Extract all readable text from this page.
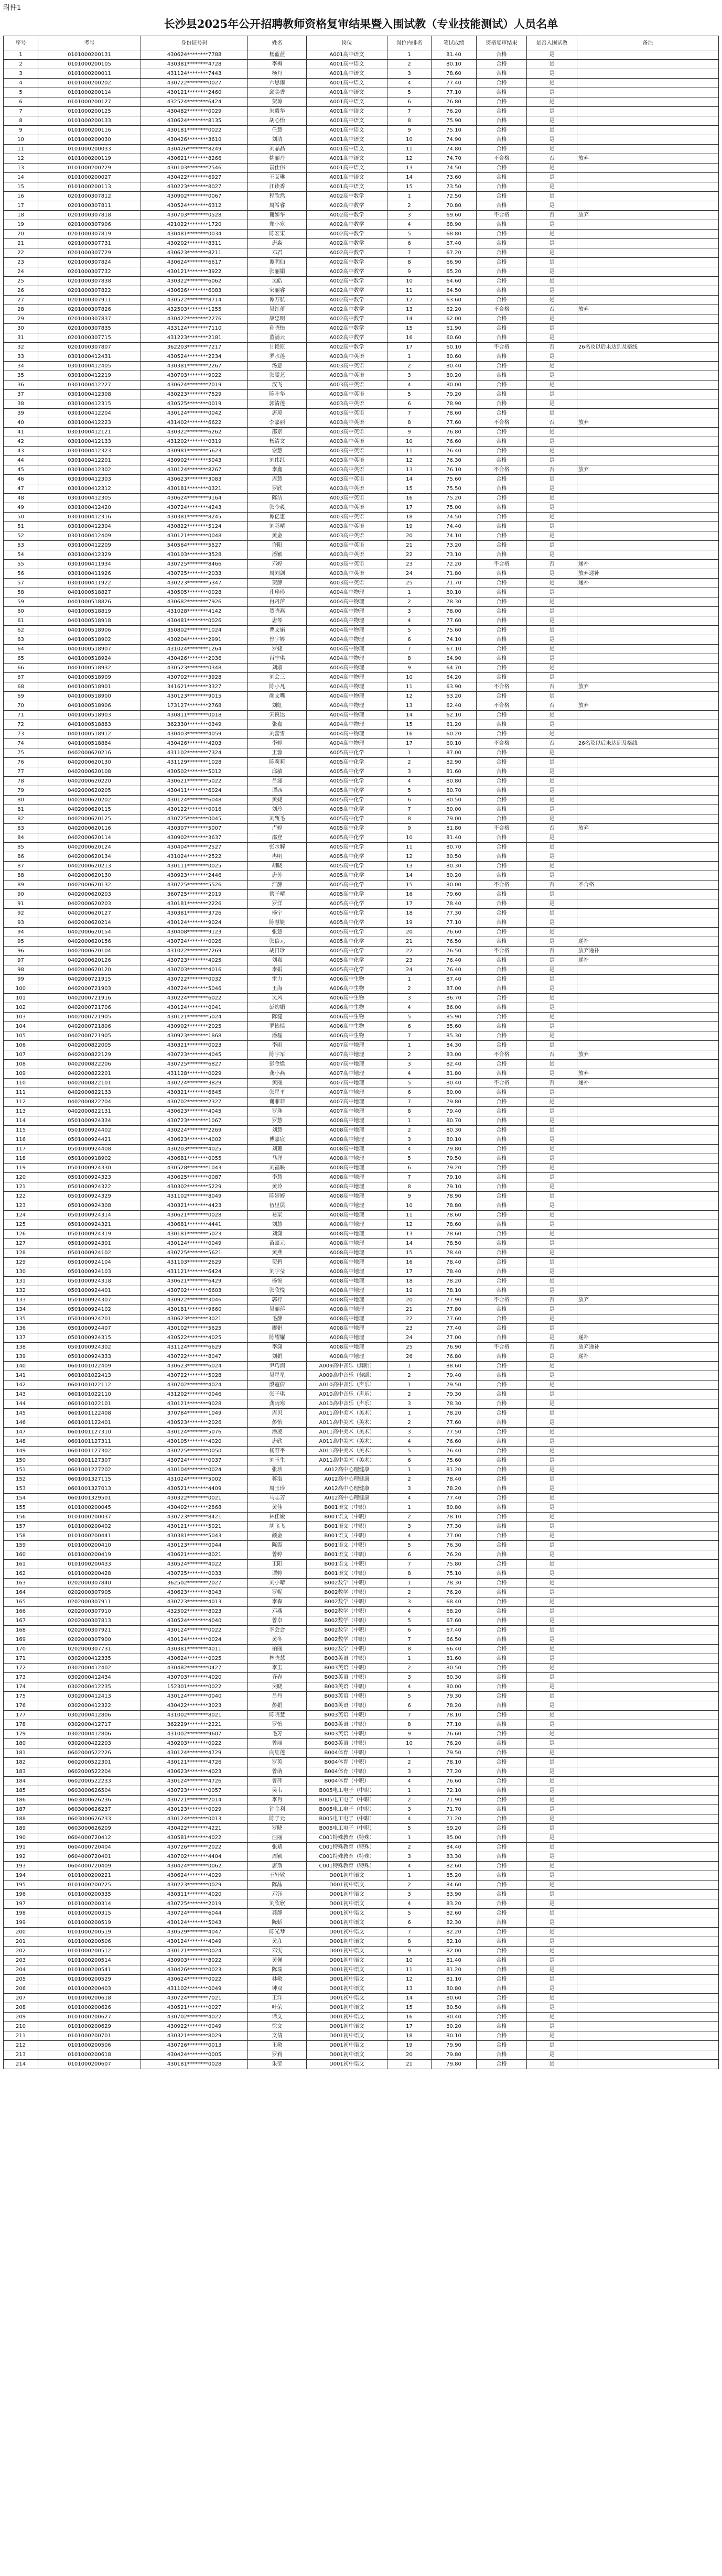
附件1
长沙县2025年公开招聘教师资格复审结果暨入围试教（专业技能测试）人员名单
序号	考号	身份证号码	姓名	岗位	岗位内排名	笔试成绩	资格复审结果	是否入围试教	备注
1	0101000200131	430624********7788	杨蓝蓝	A001高中语文	1	81.40	合格	是	
2	0101000200105	430381********4728	李梅	A001高中语文	2	80.10	合格	是	
3	0101000200011	431124********7443	杨丹	A001高中语文	3	78.60	合格	是	
4	0101000200202	430722********0027	六思雨	A001高中语文	4	77.40	合格	是	
5	0101000200114	430121********2460	邱美香	A001高中语文	5	77.10	合格	是	
6	0101000200127	432524********6424	贺琼	A001高中语文	6	76.80	合格	是	
7	0101000200125	430482********0029	朱毅华	A001高中语文	7	76.20	合格	是	
8	0101000200133	430624********8135	胡心怡	A001高中语文	8	75.90	合格	是	
9	0101000200116	430181********0022	任慧	A001高中语文	9	75.10	合格	是	
10	0101000200030	430426********3610	刘洁	A001高中语文	10	74.90	合格	是	
11	0101000200033	430426********8249	刘晶晶	A001高中语文	11	74.80	合格	是	
12	0101000200119	430621********8266	姚丽丹	A001高中语文	12	74.70	不合格	否	放弃
13	0101000200229	430103********2546	袁仕伟	A001高中语文	13	74.50	合格	是	
14	0101000200027	430422********6927	王艾琳	A001高中语文	14	73.60	合格	是	
15	0101000200113	430223********8027	江读香	A001高中语文	15	73.50	合格	是	
16	0201000307812	430902********0067	程欣然	A002高中数学	1	72.50	合格	是	
17	0201000307811	430524********6312	周希睿	A002高中数学	2	70.80	合格	是	
18	0201000307818	430703********0528	谢如华	A002高中数学	3	69.60	不合格	否	放弃
19	0201000307906	421022********1720	郑小寒	A002高中数学	4	68.90	合格	是	
20	0201000307819	430481********0034	陈宏宋	A002高中数学	5	68.80	合格	是	
21	0201000307731	430202********8311	唐淼	A002高中数学	6	67.40	合格	是	
22	0201000307729	430623********8211	邓君	A002高中数学	7	67.20	合格	是	
23	0201000307824	430624********6617	谭明仙	A002高中数学	8	66.90	合格	是	
24	0201000307732	430121********3922	张丽娟	A002高中数学	9	65.20	合格	是	
25	0201000307838	430322********6062	吴皓	A002高中数学	10	64.60	合格	是	
26	0201000307822	430626********6083	宋丽睿	A002高中数学	11	64.50	合格	是	
27	0201000307911	430522********8714	谭万航	A002高中数学	12	63.60	合格	是	
28	0201000307826	432503********1255	吴红蕾	A002高中数学	13	62.20	不合格	否	放弃
29	0201000307837	430422********2276	康忠明	A002高中数学	14	62.00	合格	是	
30	0201000307835	433124********7110	孙晓怡	A002高中数学	15	61.90	合格	是	
31	0201000307715	431223********2181	董满云	A002高中数学	16	60.60	合格	是	
32	0201000307807	362203********7217	甘艳原	A002高中数学	17	60.10	不合格	否	26名及以后未达到及格线
33	0301000412431	430524********2234	罗水莲	A003高中英语	1	80.60	合格	是	
34	0301000412405	430381********2267	汤意	A003高中英语	2	80.40	合格	是	
35	0301000412219	430703********9022	张雯艺	A003高中英语	3	80.20	合格	是	
36	0301000412227	430624********2019	汉飞	A003高中英语	4	80.00	合格	是	
37	0301000412308	430223********7529	陈叶华	A003高中英语	5	79.20	合格	是	
38	0301000412315	430525********0019	郭清莲	A003高中英语	6	78.90	合格	是	
39	0301000412204	430124********0042	唐琼	A003高中英语	7	78.60	合格	是	
40	0301000412223	431402********6622	李嘉丽	A003高中英语	8	77.60	不合格	否	放弃
41	0301000412121	430322********6262	邵京	A003高中英语	9	76.80	合格	是	
42	0301000412133	431202********0319	杨清文	A003高中英语	10	76.60	合格	是	
43	0301000412323	430981********5623	谢慧	A003高中英语	11	76.40	合格	是	
44	0301000412201	430902********5043	刘伟红	A003高中英语	12	76.30	合格	是	
45	0301000412302	430124********8267	李鑫	A003高中英语	13	76.10	不合格	否	放弃
46	0301000412303	430623********3083	周慧	A003高中英语	14	75.60	合格	是	
47	0301000412312	430181********0321	罗欣	A003高中英语	15	75.50	合格	是	
48	0301000412305	430624********9164	陈洁	A003高中英语	16	75.20	合格	是	
49	0301000412420	430724********4243	张今羲	A003高中英语	17	75.00	合格	是	
50	0301000412316	430381********8245	谭亿惠	A003高中英语	18	74.50	合格	是	
51	0301000412304	430822********5124	刘彩晴	A003高中英语	19	74.40	合格	是	
52	0301000412409	430121********0048	黄金	A003高中英语	20	74.10	合格	是	
53	0301000412209	540564********5527	许阳	A003高中英语	21	73.20	合格	是	
54	0301000412329	430103********3528	潘颖	A003高中英语	22	73.10	合格	是	
55	0301000411934	430725********8466	邓婷	A003高中英语	23	72.20	不合格	否	递补
56	0301000411926	430725********2033	周刘剑	A003高中英语	24	71.80	合格	是	放弃递补
57	0301000411922	430223********5347	贺静	A003高中英语	25	71.70	合格	是	递补
58	0401000518827	430505********0028	孔珍珍	A004高中物理	1	80.10	合格	是	
59	0401000518826	430682********7926	肖丹萍	A004高中物理	2	78.30	合格	是	
60	0401000518819	431028********4142	贺晓燕	A004高中物理	3	78.00	合格	是	
61	0401000518918	430481********0026	唐琴	A004高中物理	4	77.60	合格	是	
62	0401000518906	350802********1024	曹文娟	A004高中物理	5	75.60	合格	是	
63	0401000518902	430204********2991	曾宇婷	A004高中物理	6	74.10	合格	是	
64	0401000518907	431024********1264	罗婕	A004高中物理	7	67.10	合格	是	
65	0401000518924	430426********2036	肖宁琪	A004高中物理	8	64.90	合格	是	
66	0401000518932	430523********0348	刘淑	A004高中物理	9	64.70	合格	是	
67	0401000518909	430702********3928	刘会三	A004高中物理	10	64.20	合格	是	
68	0401000518901	341621********3327	陈小凡	A004高中物理	11	63.90	不合格	否	放弃
69	0401000518900	430123********9015	颜文嘴	A004高中物理	12	63.20	合格	是	
70	0401000518906	173127********2768	刘虹	A004高中物理	13	62.40	不合格	否	放弃
71	0401000518903	430811********0018	宋锐达	A004高中物理	14	62.10	合格	是	
72	0401000518883	362330********0349	张嘉	A004高中物理	15	61.20	合格	是	
73	0401000518912	430403********4059	刘蕾雪	A004高中物理	16	60.20	合格	是	
74	0401000518884	430426********4203	李婷	A004高中物理	17	60.10	不合格	否	26名及以后未达到及格线
75	0402000620216	431102********7324	王蓉	A005高中化学	1	87.00	合格	是	
76	0402000620130	431129********1028	陈莉莉	A005高中化学	2	82.90	合格	是	
77	0402000620108	430502********5012	邱敏	A005高中化学	3	81.60	合格	是	
78	0402000620220	430621********5022	吕燧	A005高中化学	4	80.80	合格	是	
79	0402000620205	430411********6024	谭西	A005高中化学	5	80.70	合格	是	
80	0402000620202	430124********6048	黄婕	A005高中化学	6	80.50	合格	是	
81	0402000620115	430122********0016	刘玲	A005高中化学	7	80.00	合格	是	
82	0402000620125	430725********0045	刘甄毛	A005高中化学	8	79.00	合格	是	
83	0402000620116	430307********5007	卢婷	A005高中化学	9	81.80	不合格	否	放弃
84	0402000620114	430902********3637	邵登	A005高中化学	10	81.40	合格	是	
85	0402000620124	430404********2527	张水解	A005高中化学	11	80.70	合格	是	
86	0402000620134	431024********2522	冉明	A005高中化学	12	80.50	合格	是	
87	0402000620213	430111********0025	胡晓	A005高中化学	13	80.30	合格	是	
88	0402000620130	430923********2446	唐芳	A005高中化学	14	80.20	合格	是	
89	0402000620132	430725********5526	江静	A005高中化学	15	80.00	不合格	否	不合格
90	0402000620203	360725********2019	蔡子晴	A005高中化学	16	79.60	合格	是	
91	0402000620203	430181********2226	罗洋	A005高中化学	17	78.40	合格	是	
92	0402000620127	430381********3726	杨宁	A005高中化学	18	77.30	合格	是	
93	0402000620214	430124********9024	陈慧婕	A005高中化学	19	77.10	合格	是	
94	0402000620154	430408********9123	张悠	A005高中化学	20	76.60	合格	是	
95	0402000620156	430724********0026	张信元	A005高中化学	21	76.50	合格	是	递补
96	0402000620104	431022********7269	胡日珍	A005高中化学	22	76.50	不合格	否	放弃递补
97	0402000620126	430723********4025	刘嘉	A005高中化学	23	76.40	合格	是	递补
98	0402000620120	430703********4016	李娟	A005高中化学	24	76.40	合格	是	
99	0402000721915	430722********0032	雷力	A006高中生物	1	87.40	合格	是	
100	0402000721903	430724********5046	王海	A006高中生物	2	87.00	合格	是	
101	0402000721916	430224********6022	吴风	A006高中生物	3	86.70	合格	是	
102	0402000721706	430124********0041	彭灼娟	A006高中生物	4	86.00	合格	是	
103	0402000721905	430121********5024	陈健	A006高中生物	5	85.90	合格	是	
104	0402000721806	430902********2025	罗怡恬	A006高中生物	6	85.60	合格	是	
105	0402000721905	430923********1868	潘磊	A006高中生物	7	85.30	合格	是	
106	0402000822005	430321********0023	李雨	A007高中地理	1	84.30	合格	是	
107	0402000822129	430723********4045	陈宇军	A007高中地理	2	83.00	不合格	否	放弃
108	0402000822206	430725********6827	彭金焕	A007高中地理	3	82.40	合格	是	
109	0402000822201	431128********0029	龚小燕	A007高中地理	4	81.80	合格	是	放弃
110	0402000822101	430224********3829	黄丽	A007高中地理	5	80.40	不合格	否	递补
111	0402000822133	430321********6645	张星平	A007高中地理	6	80.00	合格	是	
112	0402000822204	430702********2327	谢菲菲	A007高中地理	7	79.80	合格	是	
113	0402000822131	430623********4045	罗珠	A007高中地理	8	79.40	合格	是	
114	0501000924334	430723********1067	罗慧	A008高中地理	1	80.70	合格	是	
115	0501000924402	430224********2269	刘慧	A008高中地理	2	80.30	合格	是	
116	0501000924421	430623********4002	傅嘉宸	A008高中地理	3	80.10	合格	是	
117	0501000924408	430203********4025	刘璐	A008高中地理	4	79.80	合格	是	
118	0501000918902	430681********0055	马洋	A008高中地理	5	79.50	合格	是	
119	0501000924330	430528********1043	刘福映	A008高中地理	6	79.20	合格	是	
120	0501000924323	430625********0087	李慧	A008高中地理	7	79.10	合格	是	
121	0501000924322	430302********5229	黄玲	A008高中地理	8	79.10	合格	是	
122	0501000924329	431102********8049	陈婷婷	A008高中地理	9	78.90	合格	是	
123	0501000924308	430321********4423	伍里层	A008高中地理	10	78.80	合格	是	
124	0501000924314	430621********0028	易柒	A008高中地理	11	78.60	合格	是	
125	0501000924321	430681********4441	刘慧	A008高中地理	12	78.60	合格	是	
126	0501000924319	430181********5023	刘潇	A008高中地理	13	78.60	合格	是	
127	0501000924301	430124********0049	苗嘉元	A008高中地理	14	78.50	合格	是	
128	0501000924102	430725********5621	黄燕	A008高中地理	15	78.40	合格	是	
129	0501000924104	431103********2629	贺碧	A008高中地理	16	78.40	合格	是	
130	0501000924103	431121********6424	刘宇莹	A008高中地理	17	78.40	合格	是	
131	0501000924318	430621********6429	杨悦	A008高中地理	18	78.20	合格	是	
132	0501000924401	430702********6603	张欣悦	A008高中地理	19	78.10	合格	是	
133	0501000924307	430922********3046	郭梓	A008高中地理	20	77.90	不合格	否	放弃
134	0501000924102	430181********9660	吴丽萍	A008高中地理	21	77.80	合格	是	
135	0501000924201	430623********3021	毛静	A008高中地理	22	77.60	合格	是	
136	0501000924407	430102********5625	廖娟	A008高中地理	23	77.40	合格	是	
137	0501000924315	430522********4025	陈耀耀	A008高中地理	24	77.00	合格	是	递补
138	0501000924302	431124********6629	李潇	A008高中地理	25	76.90	不合格	否	放弃递补
139	0501000924333	430722********8047	刘娟	A008高中地理	26	76.80	合格	是	递补
140	0601001022409	430623********6024	尹巧润	A009高中音乐（舞蹈）	1	88.60	合格	是	
141	0601001022413	430722********5028	吴星星	A009高中音乐（舞蹈）	2	79.40	合格	是	
142	0601001022112	430702********4024	殷寇倩	A010高中音乐（声乐）	1	79.50	合格	是	
143	0601001022110	431202********0046	张子琪	A010高中音乐（声乐）	2	79.30	合格	是	
144	0601001022101	430121********9028	龚雨寒	A010高中音乐（声乐）	3	78.30	合格	是	
145	0601001122408	370784********1049	周贝	A011高中美术（美术）	1	78.20	合格	是	
146	0601001122401	430523********2026	彭怡	A011高中美术（美术）	2	77.60	合格	是	
147	0601001127310	430124********5076	潘凌	A011高中美术（美术）	3	77.50	合格	是	
148	0601001127311	430105********4020	唐欣	A011高中美术（美术）	4	76.60	合格	是	
149	0601001127302	430225********0050	杨野平	A011高中美术（美术）	5	76.40	合格	是	
150	0601001127307	430724********0037	刘玉生	A011高中美术（美术）	6	75.60	合格	是	
151	0601001227202	430104********0024	张珍	A012高中心理健康	1	81.20	合格	是	
152	0601001327115	431024********5002	蒋溢	A012高中心理健康	2	78.40	合格	是	
153	0601001327013	430521********4409	周玉珍	A012高中心理健康	3	78.20	合格	是	
154	0601001329501	430322********0021	马志芳	A012高中心理健康	4	77.40	合格	是	
155	0101000200045	430402********2868	黄佳	B001语文（中职）	1	80.80	合格	是	
156	0101000200037	430723********8421	林佳嫒	B001语文（中职）	2	78.10	合格	是	
157	0101000200402	430121********5021	胡飞飞	B001语文（中职）	3	77.30	合格	是	
158	0101000200441	430381********5043	颜金	B001语文（中职）	4	77.00	合格	是	
159	0101000200410	430123********0044	陈霞	B001语文（中职）	5	76.30	合格	是	
160	0101000200419	430621********8021	曾婷	B001语文（中职）	6	76.20	合格	是	
161	0101000200433	430524********4022	王阳	B001语文（中职）	7	75.80	合格	是	
162	0101000200428	430725********0033	谭婷	B001语文（中职）	8	75.10	合格	是	
163	0202000307840	362502********2027	刘小晴	B002数学（中职）	1	78.30	合格	是	
164	0202000307905	430623********8043	罗妮	B002数学（中职）	2	76.20	合格	是	
165	0202000307911	430723********4013	李森	B002数学（中职）	3	68.40	合格	是	
166	0202000307910	432502********8023	邓燕	B002数学（中职）	4	68.20	合格	是	
167	0202000307813	430524********4040	曾卓	B002数学（中职）	5	67.60	合格	是	
168	0202000307921	430124********0022	李会会	B002数学（中职）	6	67.40	合格	是	
169	0202000307900	430124********0024	黄冬	B002数学（中职）	7	66.50	合格	是	
170	0202000307731	430381********4011	柏丽	B002数学（中职）	8	66.40	合格	是	
171	0302000412335	430624********0025	林晓慧	B003英语（中职）	1	81.60	合格	是	
172	0302000412402	430482********0427	李玉	B003英语（中职）	2	80.50	合格	是	
173	0302000412434	430703********4020	齐春	B003英语（中职）	3	80.30	合格	是	
174	0302000412235	152301********0022	吴晓	B003英语（中职）	4	80.00	合格	是	
175	0302000412413	430124********0040	吕丹	B003英语（中职）	5	79.30	合格	是	
176	0302000412322	430422********3023	彭娟	B003英语（中职）	6	78.20	合格	是	
177	0302000412806	431002********8021	陈晓慧	B003英语（中职）	7	78.10	合格	是	
178	0302000412717	362229********2221	罗怡	B003英语（中职）	8	77.10	合格	是	
179	0302000412806	431002********9607	毛芳	B003英语（中职）	9	76.60	合格	是	
180	0302000422203	430203********0022	曾丽	B003英语（中职）	10	76.20	合格	是	
181	0602000522226	430124********4729	向红莲	B004体育（中职）	1	79.50	合格	是	
182	0602000522301	430121********4726	罗英	B004体育（中职）	2	78.10	合格	是	
183	0602000522204	430623********4023	曾萌	B004体育（中职）	3	77.20	合格	是	
184	0602000522233	430124********4726	曾萍	B004体育（中职）	4	76.60	合格	是	
185	0603000626504	430723********0057	吴韦	B005电工电子（中职）	1	72.10	合格	是	
186	0603000626236	430721********2014	李肖	B005电工电子（中职）	2	71.90	合格	是	
187	0603000626237	430123********0029	钟金利	B005电工电子（中职）	3	71.70	合格	是	
188	0603000626233	430124********0013	陈子元	B005电工电子（中职）	4	71.20	合格	是	
189	0603000626209	430422********4221	罗晓	B005电工电子（中职）	5	69.20	合格	是	
190	0604000720412	430581********4022	汪丽	C001特殊教育（特殊）	1	85.00	合格	是	
191	0604000720404	430726********2022	张斌	C001特殊教育（特殊）	2	84.40	合格	是	
192	0604000720401	430702********4404	周颖	C001特殊教育（特殊）	3	83.30	合格	是	
193	0604000720409	430424********0062	唐斯	C001特殊教育（特殊）	4	82.60	合格	是	
194	0101000200221	430624********4029	王轩敏	D001初中语文	1	85.20	合格	是	
195	0101000200225	430223********0029	陈晶	D001初中语文	2	84.60	合格	是	
196	0101000200335	430311********4020	邓钰	D001初中语文	3	83.90	合格	是	
197	0101000200314	430725********2019	刘欣欣	D001初中语文	4	83.20	合格	是	
198	0101000200315	430724********6044	龚静	D001初中语文	5	82.60	合格	是	
199	0101000200519	430124********5043	陈娇	D001初中语文	6	82.30	合格	是	
200	0101000200519	430529********4047	陈光琴	D001初中语文	7	82.20	合格	是	
201	0101000200506	430124********4049	黄彦	D001初中语文	8	82.10	合格	是	
202	0101000200512	430121********0024	邓雯	D001初中语文	9	82.00	合格	是	
203	0101000200514	430903********8022	黄佩	D001初中语文	10	81.40	合格	是	
204	0101000200541	430426********0023	陈瑞	D001初中语文	11	81.20	合格	是	
205	0101000200529	430624********0022	林敏	D001初中语文	12	81.10	合格	是	
206	0101000200403	431102********0049	钟双	D001初中语文	13	80.80	合格	是	
207	0101000200618	430724********7021	王洋	D001初中语文	14	80.60	合格	是	
208	0101000200626	430521********0027	叶荣	D001初中语文	15	80.50	合格	是	
209	0101000200627	430702********4022	谭文	D001初中语文	16	80.40	合格	是	
210	0101000200629	430922********0049	徐文	D001初中语文	17	80.20	合格	是	
211	0101000200701	430321********8029	文倩	D001初中语文	18	80.10	合格	是	
212	0101000200506	430726********0013	王敏	D001初中语文	19	79.90	合格	是	
213	0101000200618	430424********0005	罗莉	D001初中语文	20	79.80	合格	是	
214	0101000200607	430181********0028	朱莹	D001初中语文	21	79.80	合格	是	
